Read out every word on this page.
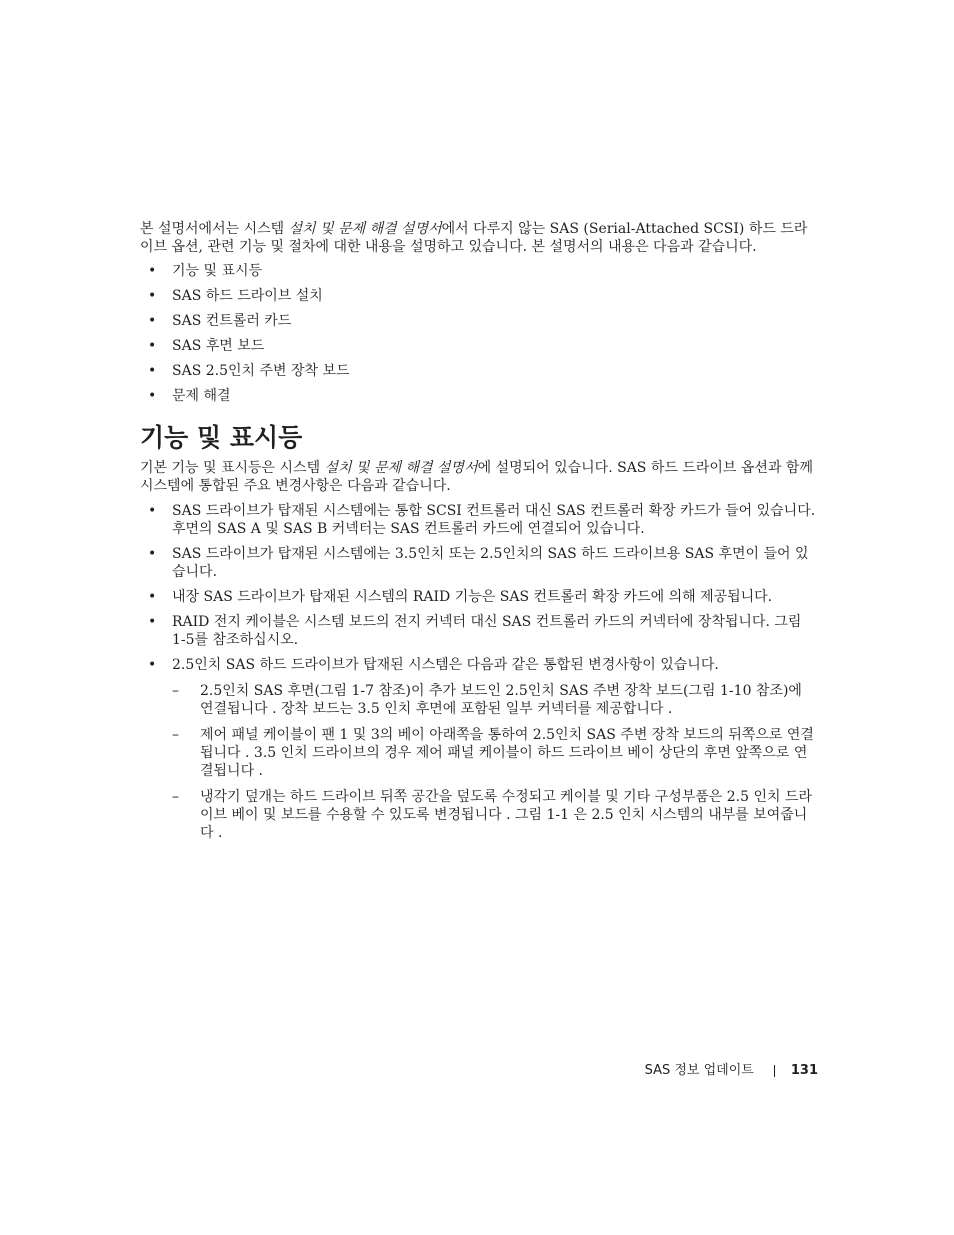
본 설명서에서는 시스템 설치 및 문제 해결 설명서에서 다루지 않는 SAS (Serial-Attached SCSI) 하드 드라이브 옵션, 관련 기능 및 절차에 대한 내용을 설명하고 있습니다. 본 설명서의 내용은 다음과 같습니다.

• 기능 및 표시등
• SAS 하드 드라이브 설치
• SAS 컨트롤러 카드
• SAS 후면 보드
• SAS 2.5인치 주변 장착 보드
• 문제 해결
기능 및 표시등

기본 기능 및 표시등은 시스템 설치 및 문제 해결 설명서에 설명되어 있습니다. SAS 하드 드라이브 옵션과 함께 시스템에 통합된 주요 변경사항은 다음과 같습니다.

• SAS 드라이브가 탑재된 시스템에는 통합 SCSI 컨트롤러 대신 SAS 컨트롤러 확장 카드가 들어 있습니다. 후면의 SAS A 및 SAS B 커넥터는 SAS 컨트롤러 카드에 연결되어 있습니다.
• SAS 드라이브가 탑재된 시스템에는 3.5인치 또는 2.5인치의 SAS 하드 드라이브용 SAS 후면이 들어 있습니다.
• 내장 SAS 드라이브가 탑재된 시스템의 RAID 기능은 SAS 컨트롤러 확장 카드에 의해 제공됩니다.
• RAID 전지 케이블은 시스템 보드의 전지 커넥터 대신 SAS 컨트롤러 카드의 커넥터에 장착됩니다. 그림 1-5를 참조하십시오.
• 2.5인치 SAS 하드 드라이브가 탑재된 시스템은 다음과 같은 통합된 변경사항이 있습니다.
– 2.5인치 SAS 후면(그림 1-7 참조)이 추가 보드인 2.5인치 SAS 주변 장착 보드(그림 1-10 참조)에 연결됩니다 . 장착 보드는 3.5 인치 후면에 포함된 일부 커넥터를 제공합니다 .
– 제어 패널 케이블이 팬 1 및 3의 베이 아래쪽을 통하여 2.5인치 SAS 주변 장착 보드의 뒤쪽으로 연결됩니다 . 3.5 인치 드라이브의 경우 제어 패널 케이블이 하드 드라이브 베이 상단의 후면 앞쪽으로 연결됩니다 .
– 냉각기 덮개는 하드 드라이브 뒤쪽 공간을 덮도록 수정되고 케이블 및 기타 구성부품은 2.5 인치 드라이브 베이 및 보드를 수용할 수 있도록 변경됩니다 . 그림 1-1 은 2.5 인치 시스템의 내부를 보여줍니다 .
SAS 정보 업데이트	131
